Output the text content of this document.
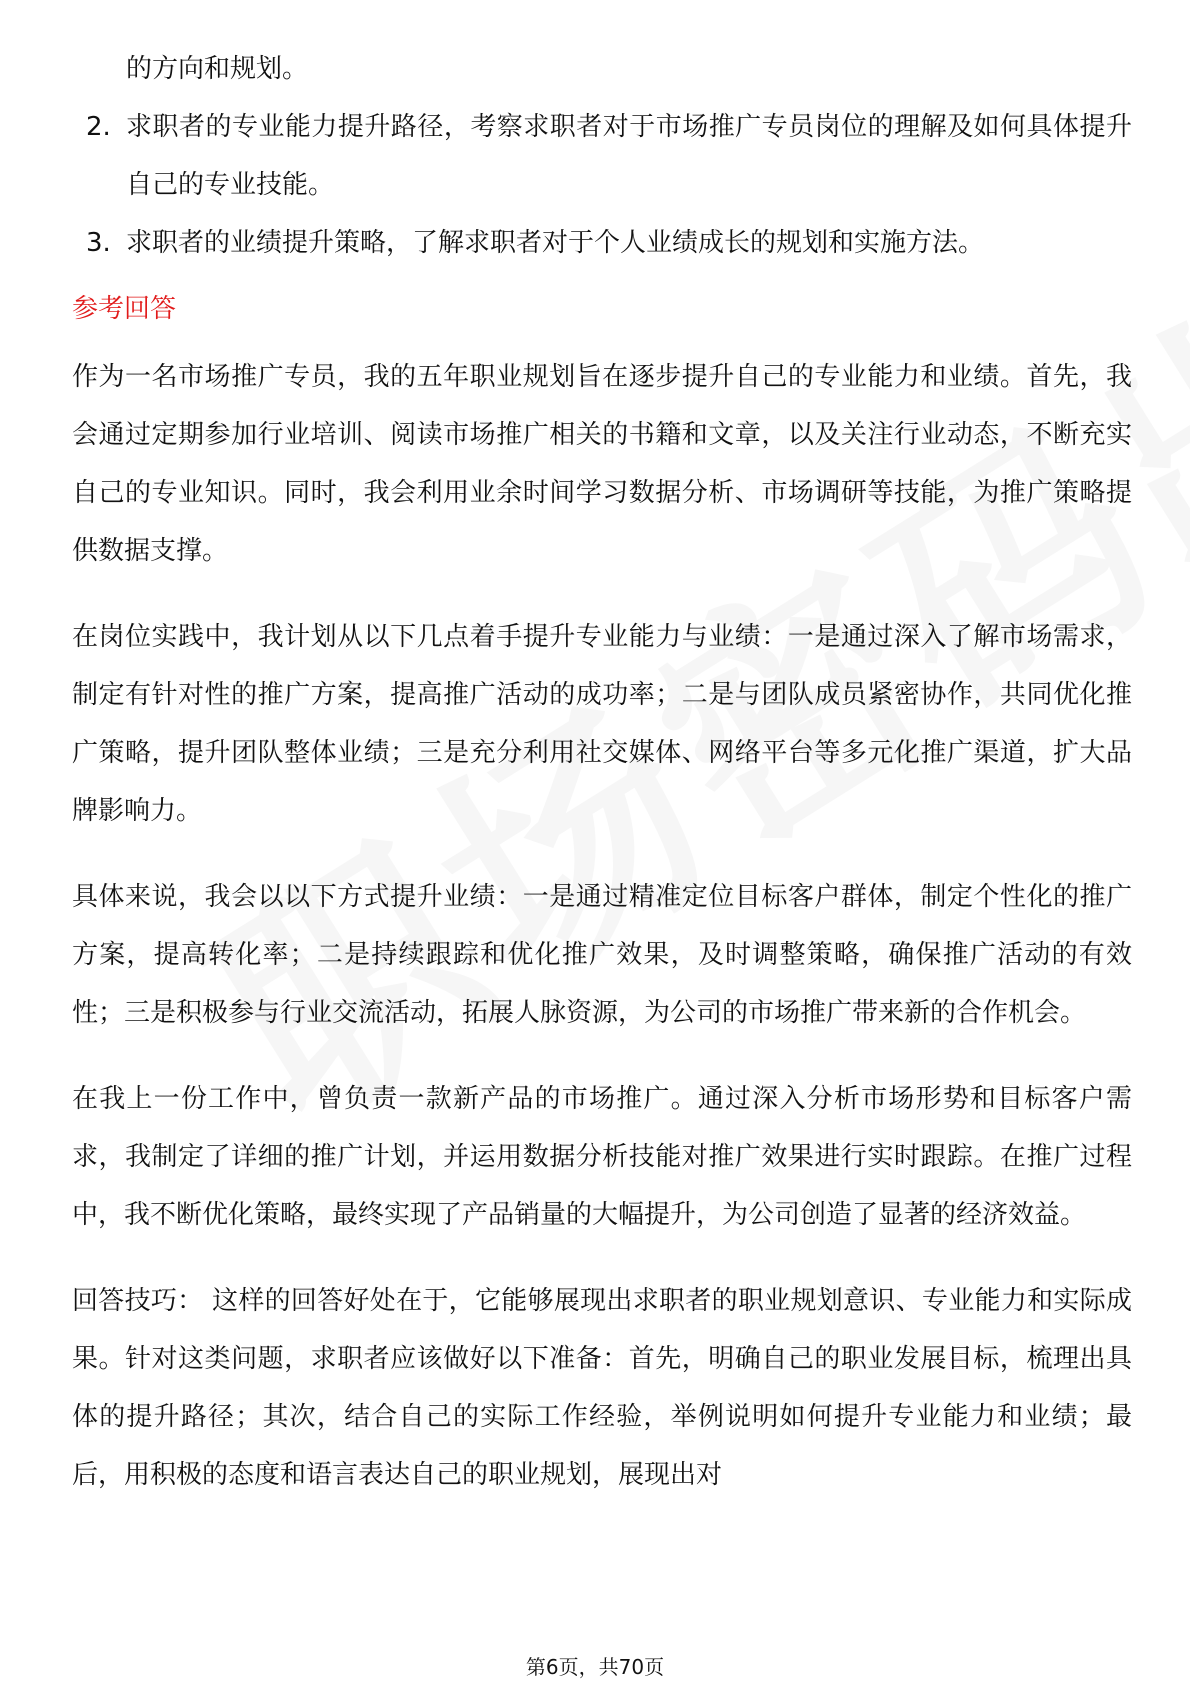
的方向和规划。

2. 求职者的专业能力提升路径，考察求职者对于市场推广专员岗位的理解及如何具体提升自己的专业技能。
3. 求职者的业绩提升策略，了解求职者对于个人业绩成长的规划和实施方法。
参考回答

作为一名市场推广专员，我的五年职业规划旨在逐步提升自己的专业能力和业绩。首先，我会通过定期参加行业培训、阅读市场推广相关的书籍和文章，以及关注行业动态，不断充实自己的专业知识。同时，我会利用业余时间学习数据分析、市场调研等技能，为推广策略提供数据支撑。

在岗位实践中，我计划从以下几点着手提升专业能力与业绩：一是通过深入了解市场需求，制定有针对性的推广方案，提高推广活动的成功率；二是与团队成员紧密协作，共同优化推广策略，提升团队整体业绩；三是充分利用社交媒体、网络平台等多元化推广渠道，扩大品牌影响力。

具体来说，我会以以下方式提升业绩：一是通过精准定位目标客户群体，制定个性化的推广方案，提高转化率；二是持续跟踪和优化推广效果，及时调整策略，确保推广活动的有效性；三是积极参与行业交流活动，拓展人脉资源，为公司的市场推广带来新的合作机会。

在我上一份工作中，曾负责一款新产品的市场推广。通过深入分析市场形势和目标客户需求，我制定了详细的推广计划，并运用数据分析技能对推广效果进行实时跟踪。在推广过程中，我不断优化策略，最终实现了产品销量的大幅提升，为公司创造了显著的经济效益。

回答技巧： 这样的回答好处在于，它能够展现出求职者的职业规划意识、专业能力和实际成果。针对这类问题，求职者应该做好以下准备：首先，明确自己的职业发展目标，梳理出具体的提升路径；其次，结合自己的实际工作经验，举例说明如何提升专业能力和业绩；最后，用积极的态度和语言表达自己的职业规划，展现出对

第6页，共70页
